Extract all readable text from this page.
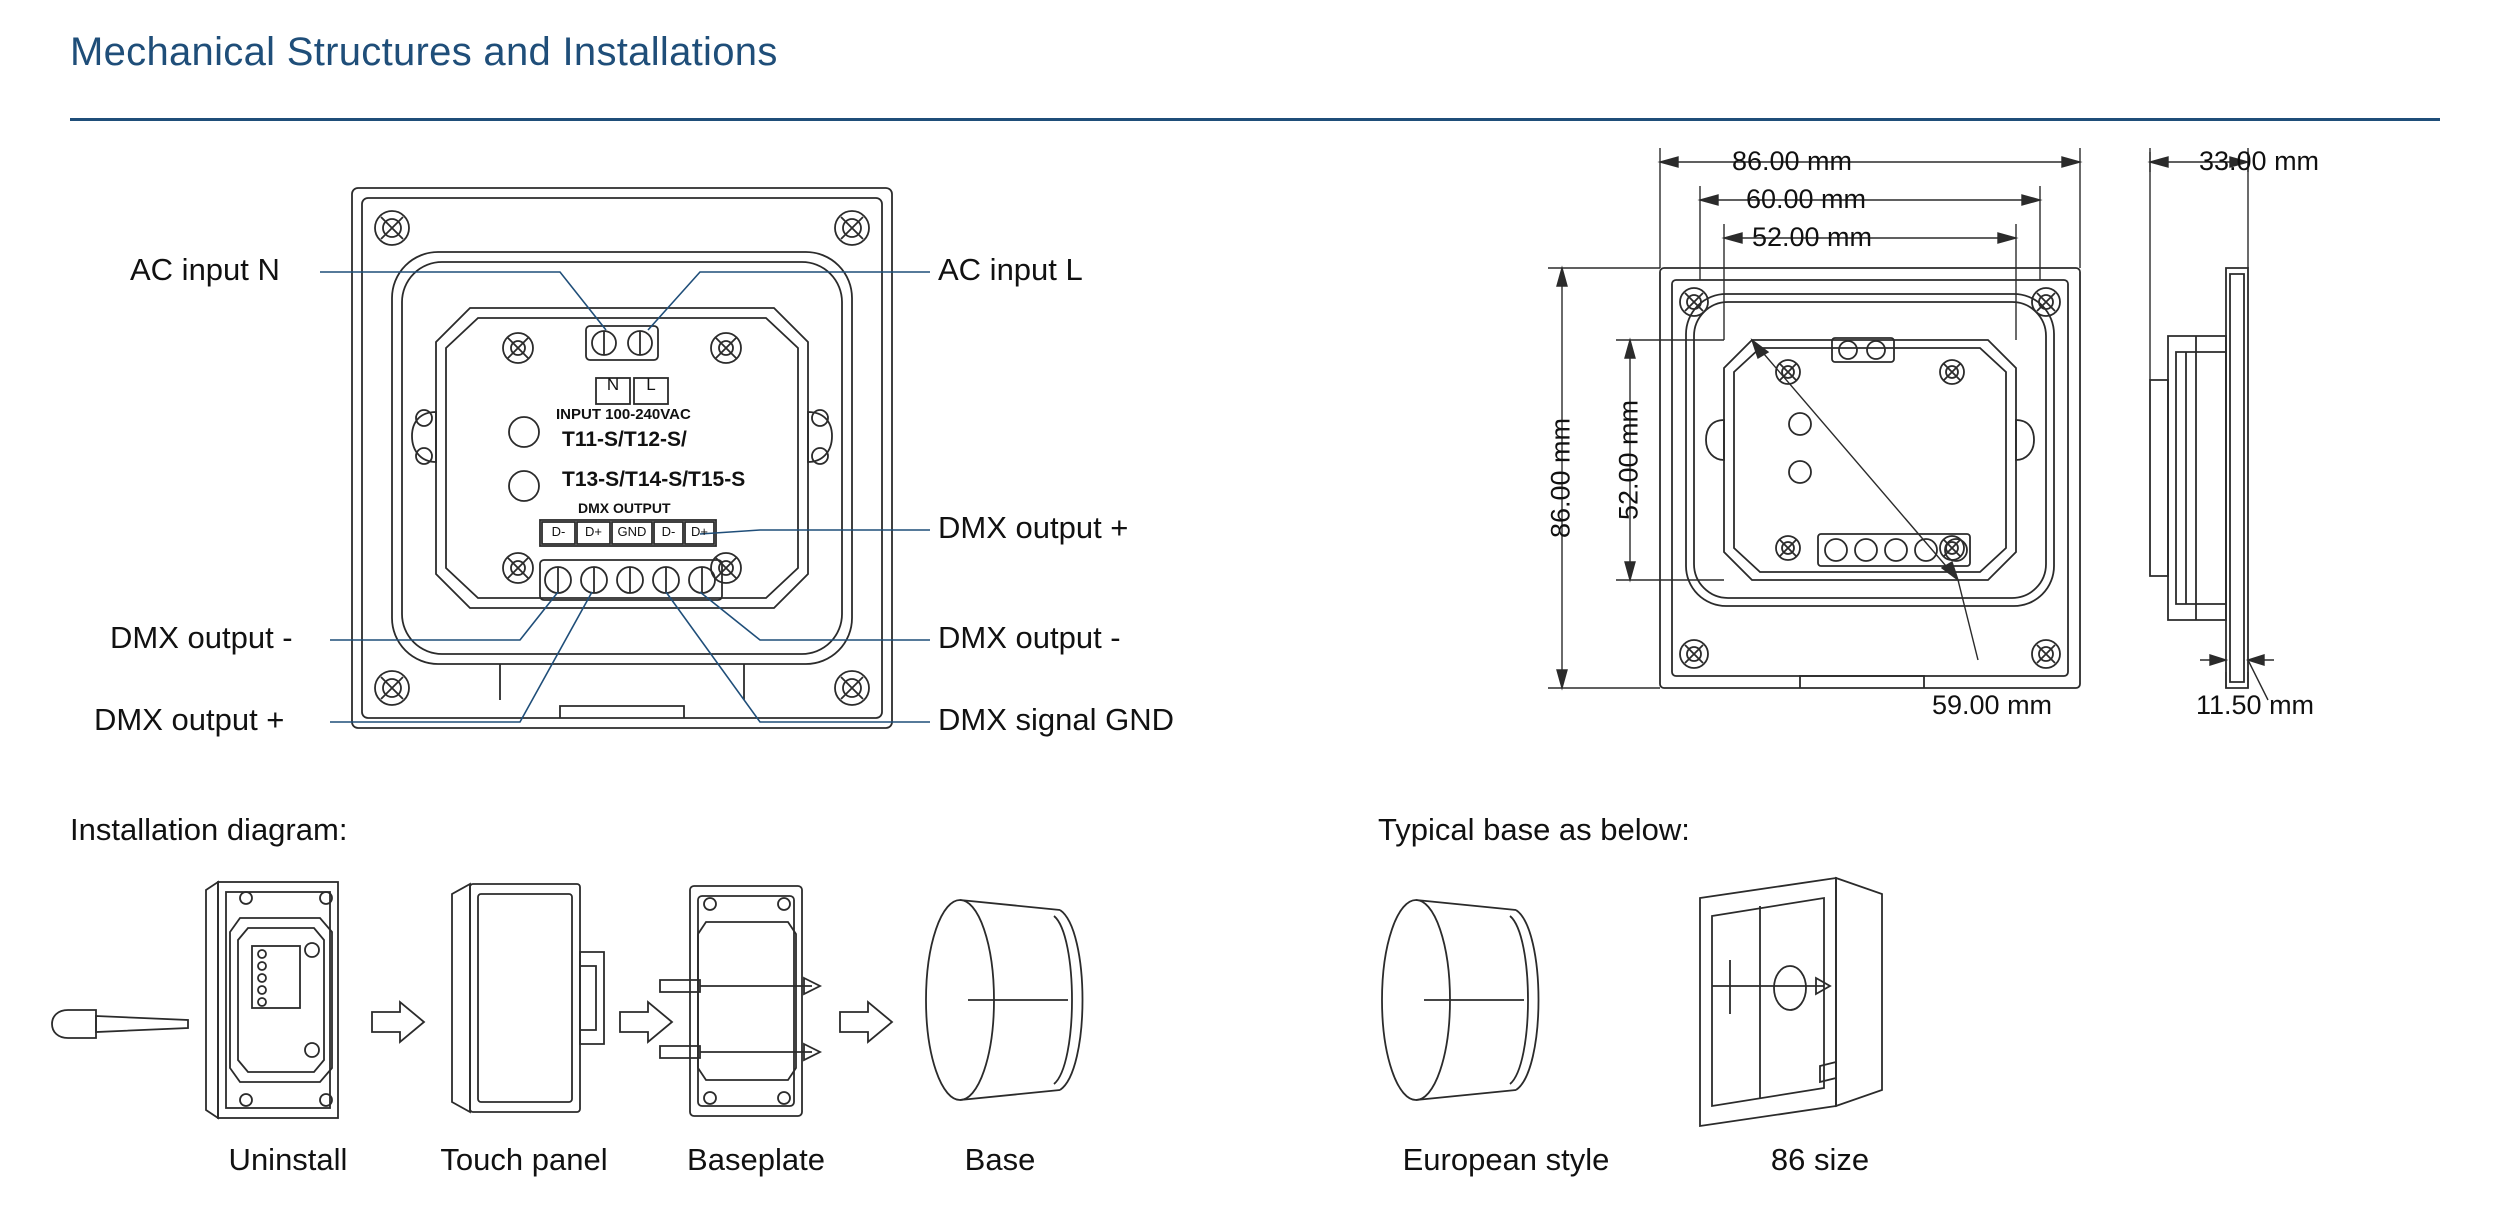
Mechanical Structures and Installations
N	L
INPUT 100-240VAC
T11-S/T12-S/
T13-S/T14-S/T15-S
DMX OUTPUT
D-	D+	GND	D-	D+
AC input N	AC input L
DMX output +
DMX output -	DMX output -
DMX output +	DMX signal GND
86.00 mm
60.00 mm
52.00 mm
86.00 mm 52.00 mm
59.00 mm
33.00 mm
11.50 mm
Installation diagram:	Typical base as below:
Uninstall	Touch panel	Baseplate	Base	European style	86 size
